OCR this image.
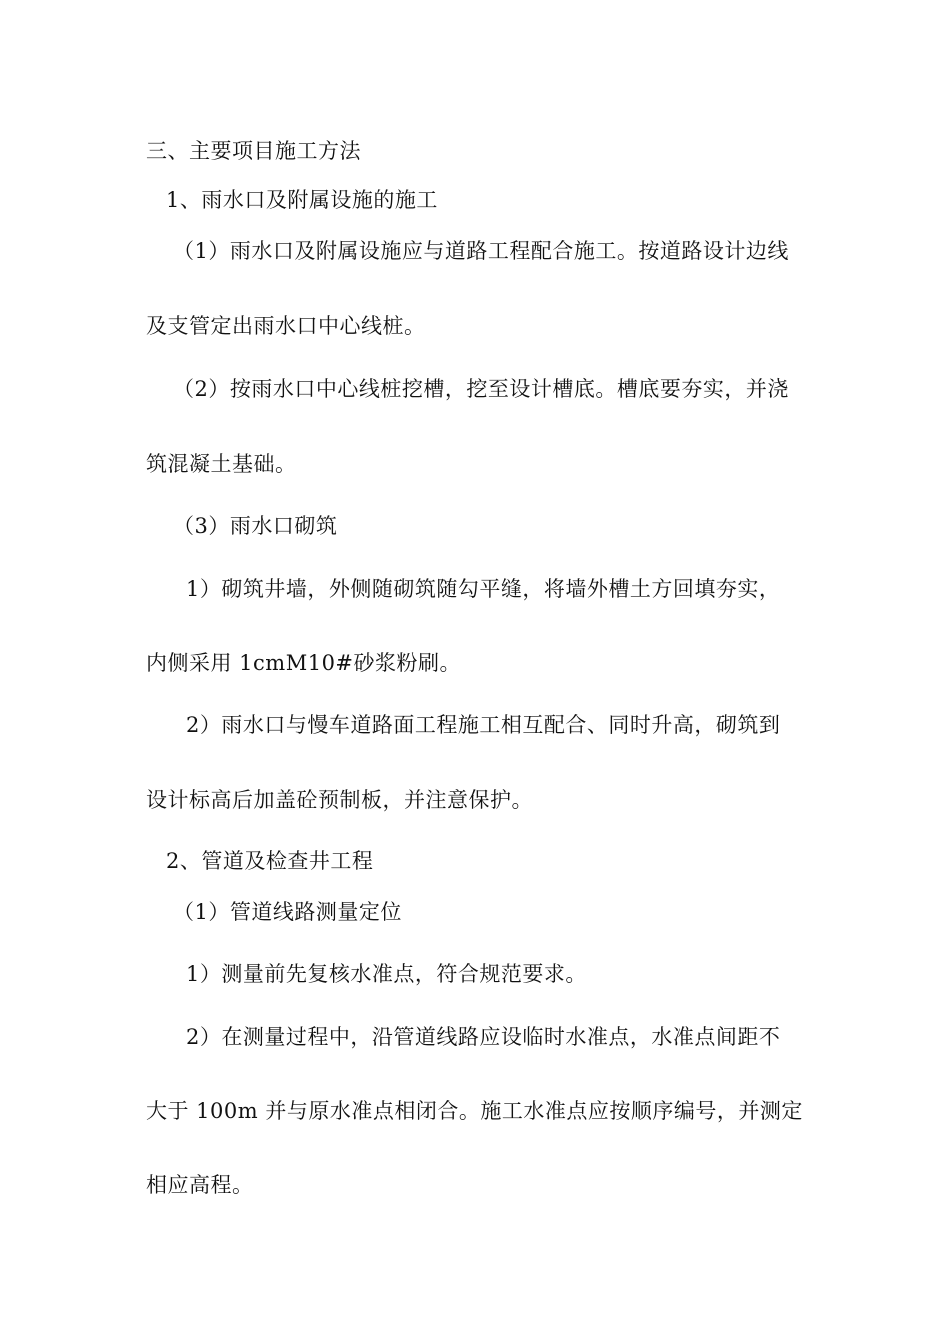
三、主要项目施工方法
1、雨水口及附属设施的施工
（1）雨水口及附属设施应与道路工程配合施工。按道路设计边线
及支管定出雨水口中心线桩。
（2）按雨水口中心线桩挖槽，挖至设计槽底。槽底要夯实，并浇
筑混凝土基础。
（3）雨水口砌筑
1）砌筑井墙，外侧随砌筑随勾平缝，将墙外槽土方回填夯实，
内侧采用 1cmM10#砂浆粉刷。
2）雨水口与慢车道路面工程施工相互配合、同时升高，砌筑到
设计标高后加盖砼预制板，并注意保护。
2、管道及检查井工程
（1）管道线路测量定位
1）测量前先复核水准点，符合规范要求。
2）在测量过程中，沿管道线路应设临时水准点，水准点间距不
大于 100m 并与原水准点相闭合。施工水准点应按顺序编号，并测定
相应高程。
